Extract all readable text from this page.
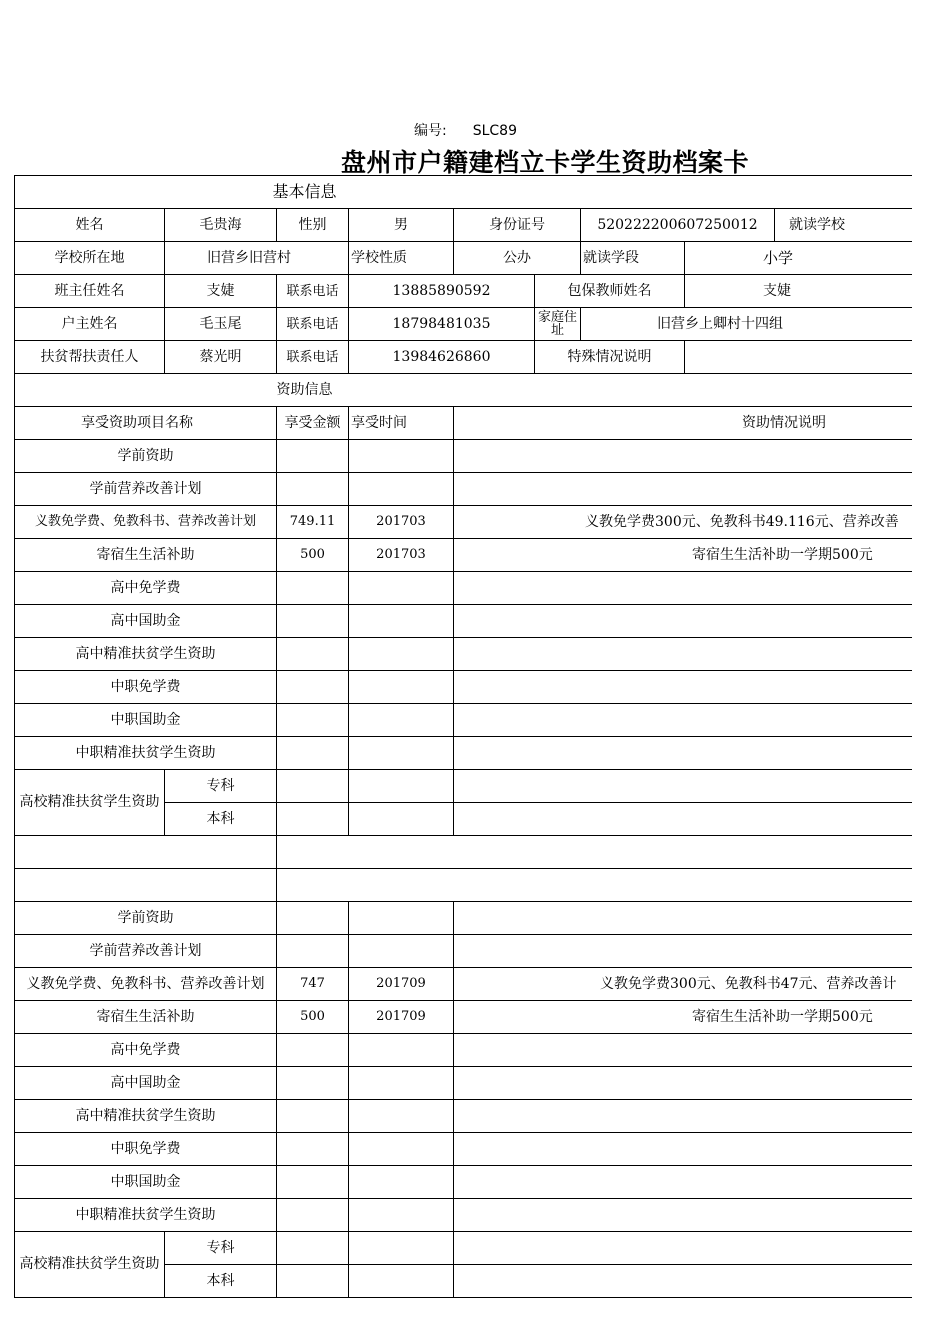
编号: SLC89
盘州市户籍建档立卡学生资助档案卡
基本信息								
姓名	毛贵海	性别	男	身份证号		520222200607250012		就读学校
学校所在地	旧营乡旧营村		学校性质	公办		就读学段	小学	
班主任姓名	支婕	联系电话	13885890592		包保教师姓名		支婕	
户主姓名	毛玉尾	联系电话	18798481035		家庭住址	旧营乡上卿村十四组		
扶贫帮扶责任人	蔡光明	联系电话	13984626860		特殊情况说明			
资助信息								
享受资助项目名称		享受金额	享受时间	资助情况说明				
学前资助								
学前营养改善计划								
义教免学费、免教科书、营养改善计划		749.11	201703	义教免学费300元、免教科书49.116元、营养改善				
寄宿生生活补助		500	201703	寄宿生生活补助一学期500元				
高中免学费								
高中国助金								
高中精准扶贫学生资助								
中职免学费								
中职国助金								
中职精准扶贫学生资助								
高校精准扶贫学生资助	专科							
	本科							

学前资助								
学前营养改善计划								
义教免学费、免教科书、营养改善计划		747	201709	义教免学费300元、免教科书47元、营养改善计				
寄宿生生活补助		500	201709	寄宿生生活补助一学期500元				
高中免学费								
高中国助金								
高中精准扶贫学生资助								
中职免学费								
中职国助金								
中职精准扶贫学生资助								
高校精准扶贫学生资助	专科							
	本科							
